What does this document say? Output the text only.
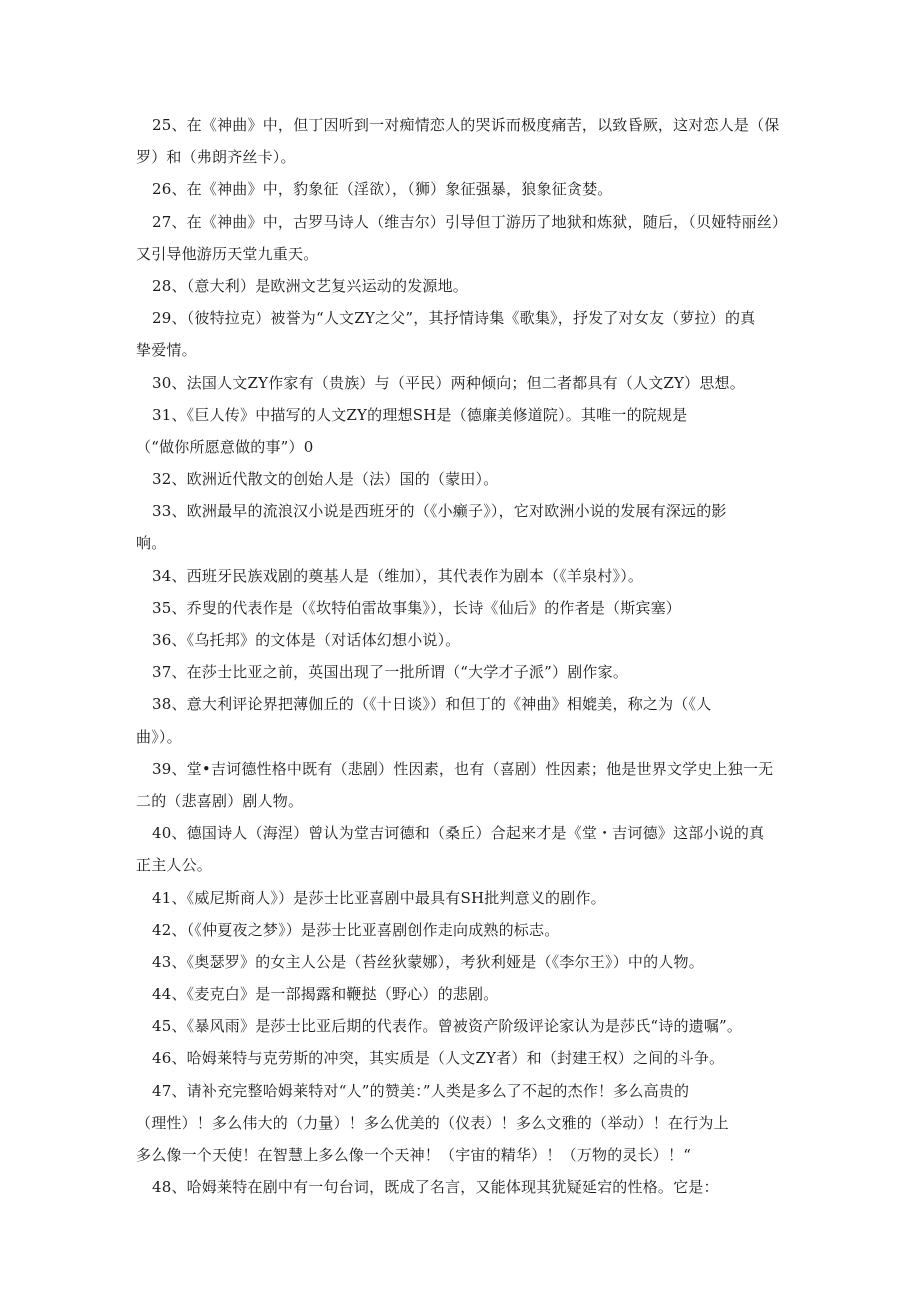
25、在《神曲》中，但丁因听到一对痴情恋人的哭诉而极度痛苦，以致昏厥，这对恋人是（保
罗）和（弗朗齐丝卡）。
26、在《神曲》中，豹象征（淫欲），（狮）象征强暴，狼象征贪婪。
27、在《神曲》中，古罗马诗人（维吉尔）引导但丁游历了地狱和炼狱，随后，（贝娅特丽丝）
又引导他游历天堂九重天。
28、（意大利）是欧洲文艺复兴运动的发源地。
29、（彼特拉克）被誉为“人文ZY之父”，其抒情诗集《歌集》，抒发了对女友（萝拉）的真
挚爱情。
30、法国人文ZY作家有（贵族）与（平民）两种倾向；但二者都具有（人文ZY）思想。
31、《巨人传》中描写的人文ZY的理想SH是（德廉美修道院）。其唯一的院规是
（“做你所愿意做的事”）0
32、欧洲近代散文的创始人是（法）国的（蒙田）。
33、欧洲最早的流浪汉小说是西班牙的（《小癞子》），它对欧洲小说的发展有深远的影
响。
34、西班牙民族戏剧的奠基人是（维加），其代表作为剧本（《羊泉村》）。
35、乔叟的代表作是（《坎特伯雷故事集》），长诗《仙后》的作者是（斯宾塞）
36、《乌托邦》的文体是（对话体幻想小说）。
37、在莎士比亚之前，英国出现了一批所谓（“大学才子派”）剧作家。
38、意大利评论界把薄伽丘的（《十日谈》）和但丁的《神曲》相媲美，称之为（《人
曲》）。
39、堂•吉诃德性格中既有（悲剧）性因素，也有（喜剧）性因素；他是世界文学史上独一无
二的（悲喜剧）剧人物。
40、德国诗人（海涅）曾认为堂吉诃德和（桑丘）合起来才是《堂・吉诃德》这部小说的真
正主人公。
41、《威尼斯商人》）是莎士比亚喜剧中最具有SH批判意义的剧作。
42、（《仲夏夜之梦》）是莎士比亚喜剧创作走向成熟的标志。
43、《奥瑟罗》的女主人公是（苔丝狄蒙娜），考狄利娅是（《李尔王》）中的人物。
44、《麦克白》是一部揭露和鞭挞（野心）的悲剧。
45、《暴风雨》是莎士比亚后期的代表作。曾被资产阶级评论家认为是莎氏“诗的遗嘱”。
46、哈姆莱特与克劳斯的冲突，其实质是（人文ZY者）和（封建王权）之间的斗争。
47、请补充完整哈姆莱特对“人”的赞美：”人类是多么了不起的杰作！多么高贵的
（理性）！多么伟大的（力量）！多么优美的（仪表）！多么文雅的（举动）！在行为上
多么像一个天使！在智慧上多么像一个天神！（宇宙的精华）！（万物的灵长）！“
48、哈姆莱特在剧中有一句台词，既成了名言，又能体现其犹疑延宕的性格。它是：
